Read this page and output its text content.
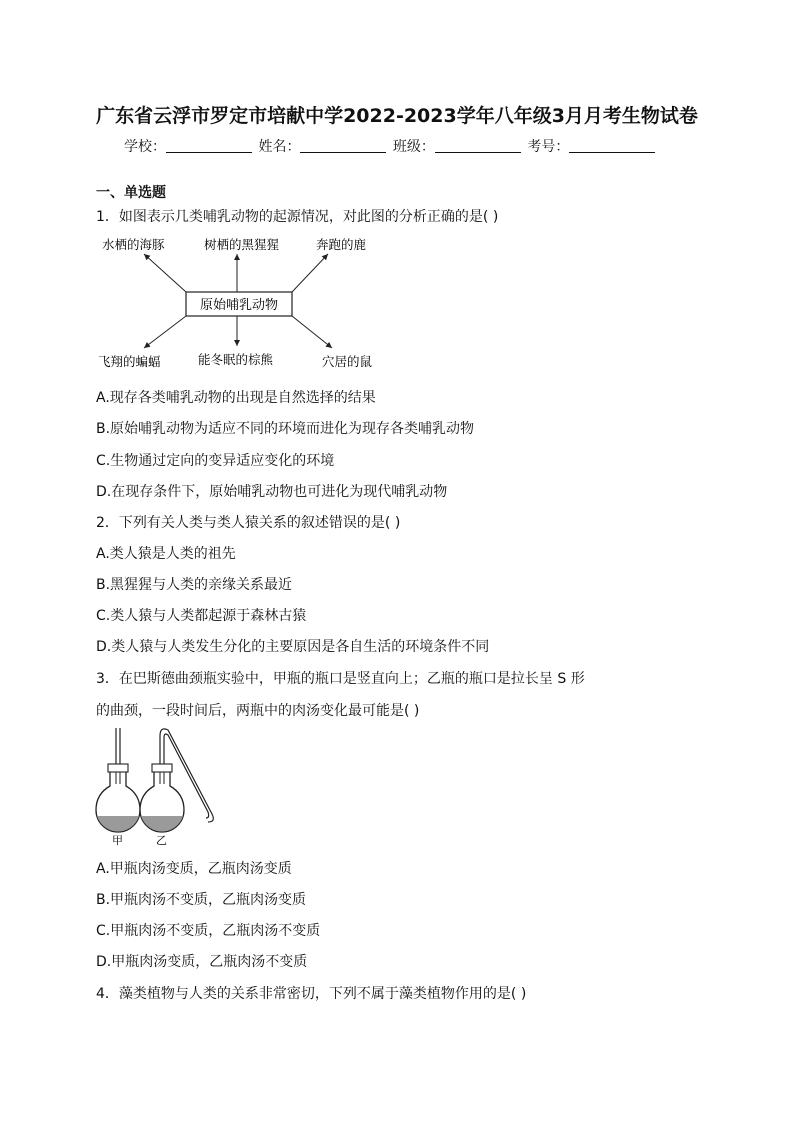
广东省云浮市罗定市培献中学2022-2023学年八年级3月月考生物试卷
学校：	姓名：	班级：	考号：
一、单选题
1．如图表示几类哺乳动物的起源情况，对此图的分析正确的是( )
原始哺乳动物
水栖的海豚	树栖的黑猩猩	奔跑的鹿
飞翔的蝙蝠	能冬眠的棕熊	穴居的鼠
A.现存各类哺乳动物的出现是自然选择的结果
B.原始哺乳动物为适应不同的环境而进化为现存各类哺乳动物
C.生物通过定向的变异适应变化的环境
D.在现存条件下，原始哺乳动物也可进化为现代哺乳动物
2．下列有关人类与类人猿关系的叙述错误的是( )
A.类人猿是人类的祖先
B.黑猩猩与人类的亲缘关系最近
C.类人猿与人类都起源于森林古猿
D.类人猿与人类发生分化的主要原因是各自生活的环境条件不同
3．在巴斯德曲颈瓶实验中，甲瓶的瓶口是竖直向上；乙瓶的瓶口是拉长呈 S 形
的曲颈，一段时间后，两瓶中的肉汤变化最可能是( )
甲	乙
A.甲瓶肉汤变质，乙瓶肉汤变质
B.甲瓶肉汤不变质，乙瓶肉汤变质
C.甲瓶肉汤不变质，乙瓶肉汤不变质
D.甲瓶肉汤变质，乙瓶肉汤不变质
4．藻类植物与人类的关系非常密切，下列不属于藻类植物作用的是( )
